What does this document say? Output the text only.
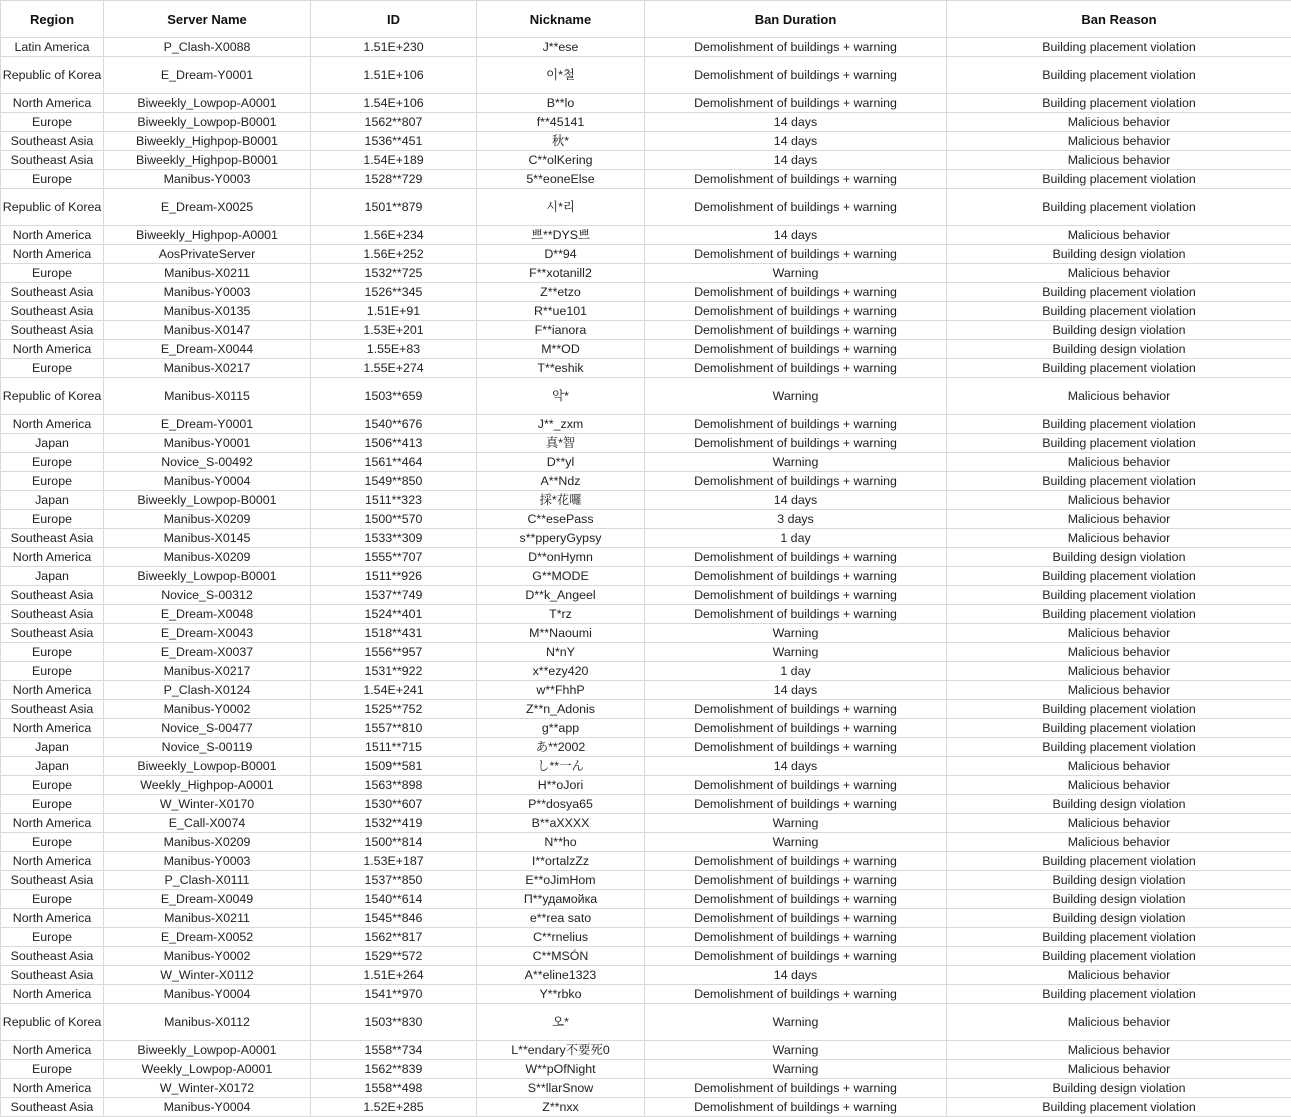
Region	Server Name	ID	Nickname	Ban Duration	Ban Reason
Latin America	P_Clash-X0088	1.51E+230	J**ese	Demolishment of buildings + warning	Building placement violation
Republic of Korea	E_Dream-Y0001	1.51E+106	이*철	Demolishment of buildings + warning	Building placement violation
North America	Biweekly_Lowpop-A0001	1.54E+106	B**lo	Demolishment of buildings + warning	Building placement violation
Europe	Biweekly_Lowpop-B0001	1562**807	f**45141	14 days	Malicious behavior
Southeast Asia	Biweekly_Highpop-B0001	1536**451	秋*	14 days	Malicious behavior
Southeast Asia	Biweekly_Highpop-B0001	1.54E+189	C**olKering	14 days	Malicious behavior
Europe	Manibus-Y0003	1528**729	5**eoneElse	Demolishment of buildings + warning	Building placement violation
Republic of Korea	E_Dream-X0025	1501**879	시*리	Demolishment of buildings + warning	Building placement violation
North America	Biweekly_Highpop-A0001	1.56E+234	쁘**DYS쁘	14 days	Malicious behavior
North America	AosPrivateServer	1.56E+252	D**94	Demolishment of buildings + warning	Building design violation
Europe	Manibus-X0211	1532**725	F**xotanill2	Warning	Malicious behavior
Southeast Asia	Manibus-Y0003	1526**345	Z**etzo	Demolishment of buildings + warning	Building placement violation
Southeast Asia	Manibus-X0135	1.51E+91	R**ue101	Demolishment of buildings + warning	Building placement violation
Southeast Asia	Manibus-X0147	1.53E+201	F**ianora	Demolishment of buildings + warning	Building design violation
North America	E_Dream-X0044	1.55E+83	M**OD	Demolishment of buildings + warning	Building design violation
Europe	Manibus-X0217	1.55E+274	T**eshik	Demolishment of buildings + warning	Building placement violation
Republic of Korea	Manibus-X0115	1503**659	악*	Warning	Malicious behavior
North America	E_Dream-Y0001	1540**676	J**_zxm	Demolishment of buildings + warning	Building placement violation
Japan	Manibus-Y0001	1506**413	真*智	Demolishment of buildings + warning	Building placement violation
Europe	Novice_S-00492	1561**464	D**yl	Warning	Malicious behavior
Europe	Manibus-Y0004	1549**850	A**Ndz	Demolishment of buildings + warning	Building placement violation
Japan	Biweekly_Lowpop-B0001	1511**323	採*花囉	14 days	Malicious behavior
Europe	Manibus-X0209	1500**570	C**esePass	3 days	Malicious behavior
Southeast Asia	Manibus-X0145	1533**309	s**pperyGypsy	1 day	Malicious behavior
North America	Manibus-X0209	1555**707	D**onHymn	Demolishment of buildings + warning	Building design violation
Japan	Biweekly_Lowpop-B0001	1511**926	G**MODE	Demolishment of buildings + warning	Building placement violation
Southeast Asia	Novice_S-00312	1537**749	D**k_Angeel	Demolishment of buildings + warning	Building placement violation
Southeast Asia	E_Dream-X0048	1524**401	T*rz	Demolishment of buildings + warning	Building placement violation
Southeast Asia	E_Dream-X0043	1518**431	M**Naoumi	Warning	Malicious behavior
Europe	E_Dream-X0037	1556**957	N*nY	Warning	Malicious behavior
Europe	Manibus-X0217	1531**922	x**ezy420	1 day	Malicious behavior
North America	P_Clash-X0124	1.54E+241	w**FhhP	14 days	Malicious behavior
Southeast Asia	Manibus-Y0002	1525**752	Z**n_Adonis	Demolishment of buildings + warning	Building placement violation
North America	Novice_S-00477	1557**810	g**app	Demolishment of buildings + warning	Building placement violation
Japan	Novice_S-00119	1511**715	あ**2002	Demolishment of buildings + warning	Building placement violation
Japan	Biweekly_Lowpop-B0001	1509**581	し**一ん	14 days	Malicious behavior
Europe	Weekly_Highpop-A0001	1563**898	H**oJori	Demolishment of buildings + warning	Malicious behavior
Europe	W_Winter-X0170	1530**607	P**dosya65	Demolishment of buildings + warning	Building design violation
North America	E_Call-X0074	1532**419	B**aXXXX	Warning	Malicious behavior
Europe	Manibus-X0209	1500**814	N**ho	Warning	Malicious behavior
North America	Manibus-Y0003	1.53E+187	I**ortalzZz	Demolishment of buildings + warning	Building placement violation
Southeast Asia	P_Clash-X0111	1537**850	E**oJimHom	Demolishment of buildings + warning	Building design violation
Europe	E_Dream-X0049	1540**614	П**удамойка	Demolishment of buildings + warning	Building design violation
North America	Manibus-X0211	1545**846	e**rea sato	Demolishment of buildings + warning	Building design violation
Europe	E_Dream-X0052	1562**817	C**rnelius	Demolishment of buildings + warning	Building placement violation
Southeast Asia	Manibus-Y0002	1529**572	C**MSÓN	Demolishment of buildings + warning	Building placement violation
Southeast Asia	W_Winter-X0112	1.51E+264	A**eline1323	14 days	Malicious behavior
North America	Manibus-Y0004	1541**970	Y**rbko	Demolishment of buildings + warning	Building placement violation
Republic of Korea	Manibus-X0112	1503**830	오*	Warning	Malicious behavior
North America	Biweekly_Lowpop-A0001	1558**734	L**endary不要死0	Warning	Malicious behavior
Europe	Weekly_Lowpop-A0001	1562**839	W**pOfNight	Warning	Malicious behavior
North America	W_Winter-X0172	1558**498	S**llarSnow	Demolishment of buildings + warning	Building design violation
Southeast Asia	Manibus-Y0004	1.52E+285	Z**nxx	Demolishment of buildings + warning	Building placement violation
